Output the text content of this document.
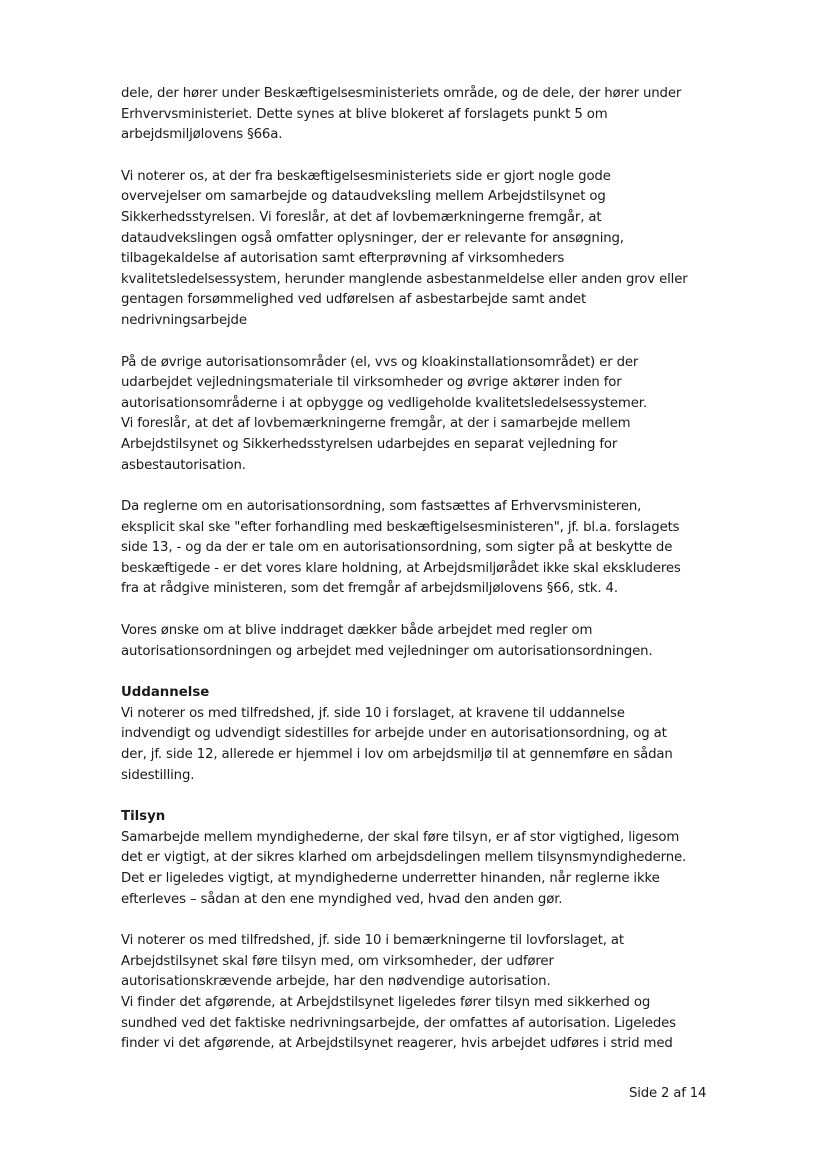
dele, der hører under Beskæftigelsesministeriets område, og de dele, der hører under
Erhvervsministeriet. Dette synes at blive blokeret af forslagets punkt 5 om
arbejdsmiljølovens §66a.
Vi noterer os, at der fra beskæftigelsesministeriets side er gjort nogle gode
overvejelser om samarbejde og dataudveksling mellem Arbejdstilsynet og
Sikkerhedsstyrelsen. Vi foreslår, at det af lovbemærkningerne fremgår, at
dataudvekslingen også omfatter oplysninger, der er relevante for ansøgning,
tilbagekaldelse af autorisation samt efterprøvning af virksomheders
kvalitetsledelsessystem, herunder manglende asbestanmeldelse eller anden grov eller
gentagen forsømmelighed ved udførelsen af asbestarbejde samt andet
nedrivningsarbejde
På de øvrige autorisationsområder (el, vvs og kloakinstallationsområdet) er der
udarbejdet vejledningsmateriale til virksomheder og øvrige aktører inden for
autorisationsområderne i at opbygge og vedligeholde kvalitetsledelsessystemer.
Vi foreslår, at det af lovbemærkningerne fremgår, at der i samarbejde mellem
Arbejdstilsynet og Sikkerhedsstyrelsen udarbejdes en separat vejledning for
asbestautorisation.
Da reglerne om en autorisationsordning, som fastsættes af Erhvervsministeren,
eksplicit skal ske "efter forhandling med beskæftigelsesministeren", jf. bl.a. forslagets
side 13, - og da der er tale om en autorisationsordning, som sigter på at beskytte de
beskæftigede - er det vores klare holdning, at Arbejdsmiljørådet ikke skal ekskluderes
fra at rådgive ministeren, som det fremgår af arbejdsmiljølovens §66, stk. 4.
Vores ønske om at blive inddraget dækker både arbejdet med regler om
autorisationsordningen og arbejdet med vejledninger om autorisationsordningen.
Uddannelse
Vi noterer os med tilfredshed, jf. side 10 i forslaget, at kravene til uddannelse
indvendigt og udvendigt sidestilles for arbejde under en autorisationsordning, og at
der, jf. side 12, allerede er hjemmel i lov om arbejdsmiljø til at gennemføre en sådan
sidestilling.
Tilsyn
Samarbejde mellem myndighederne, der skal føre tilsyn, er af stor vigtighed, ligesom
det er vigtigt, at der sikres klarhed om arbejdsdelingen mellem tilsynsmyndighederne.
Det er ligeledes vigtigt, at myndighederne underretter hinanden, når reglerne ikke
efterleves – sådan at den ene myndighed ved, hvad den anden gør.
Vi noterer os med tilfredshed, jf. side 10 i bemærkningerne til lovforslaget, at
Arbejdstilsynet skal føre tilsyn med, om virksomheder, der udfører
autorisationskrævende arbejde, har den nødvendige autorisation.
Vi finder det afgørende, at Arbejdstilsynet ligeledes fører tilsyn med sikkerhed og
sundhed ved det faktiske nedrivningsarbejde, der omfattes af autorisation. Ligeledes
finder vi det afgørende, at Arbejdstilsynet reagerer, hvis arbejdet udføres i strid med
Side 2 af 14
